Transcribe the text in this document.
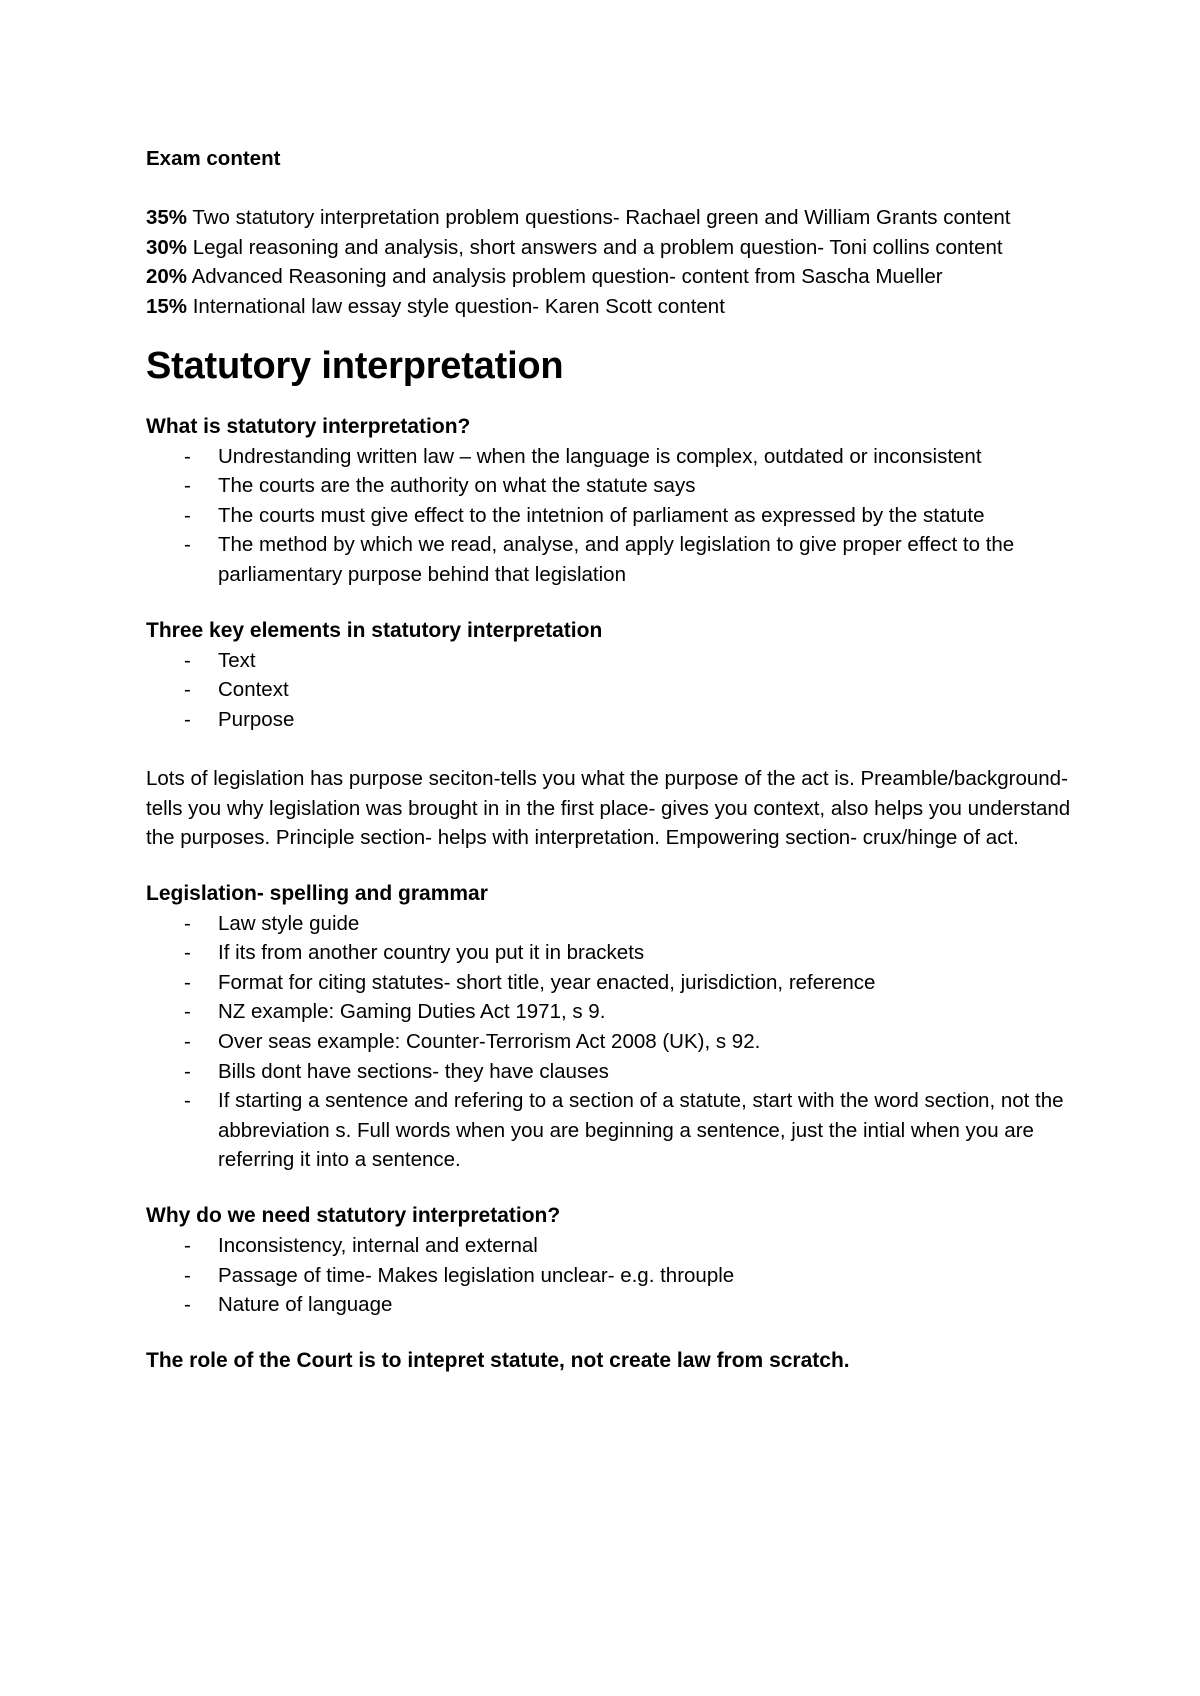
Exam content

35% Two statutory interpretation problem questions- Rachael green and William Grants content

30% Legal reasoning and analysis, short answers and a problem question- Toni collins content

20% Advanced Reasoning and analysis problem question- content from Sascha Mueller

15% International law essay style question- Karen Scott content

Statutory interpretation
What is statutory interpretation?
- Undrestanding written law – when the language is complex, outdated or inconsistent
- The courts are the authority on what the statute says
- The courts must give effect to the intetnion of parliament as expressed by the statute
- The method by which we read, analyse, and apply legislation to give proper effect to the parliamentary purpose behind that legislation
Three key elements in statutory interpretation
- Text
- Context
- Purpose

Lots of legislation has purpose seciton-tells you what the purpose of the act is. Preamble/background- tells you why legislation was brought in in the first place- gives you context, also helps you understand the purposes. Principle section- helps with interpretation. Empowering section- crux/hinge of act.

Legislation- spelling and grammar
- Law style guide
- If its from another country you put it in brackets
- Format for citing statutes- short title, year enacted, jurisdiction, reference
- NZ example: Gaming Duties Act 1971, s 9.
- Over seas example: Counter-Terrorism Act 2008 (UK), s 92.
- Bills dont have sections- they have clauses
- If starting a sentence and refering to a section of a statute, start with the word section, not the abbreviation s. Full words when you are beginning a sentence, just the intial when you are referring it into a sentence.
Why do we need statutory interpretation?
- Inconsistency, internal and external
- Passage of time- Makes legislation unclear- e.g. throuple
- Nature of language

The role of the Court is to intepret statute, not create law from scratch.
